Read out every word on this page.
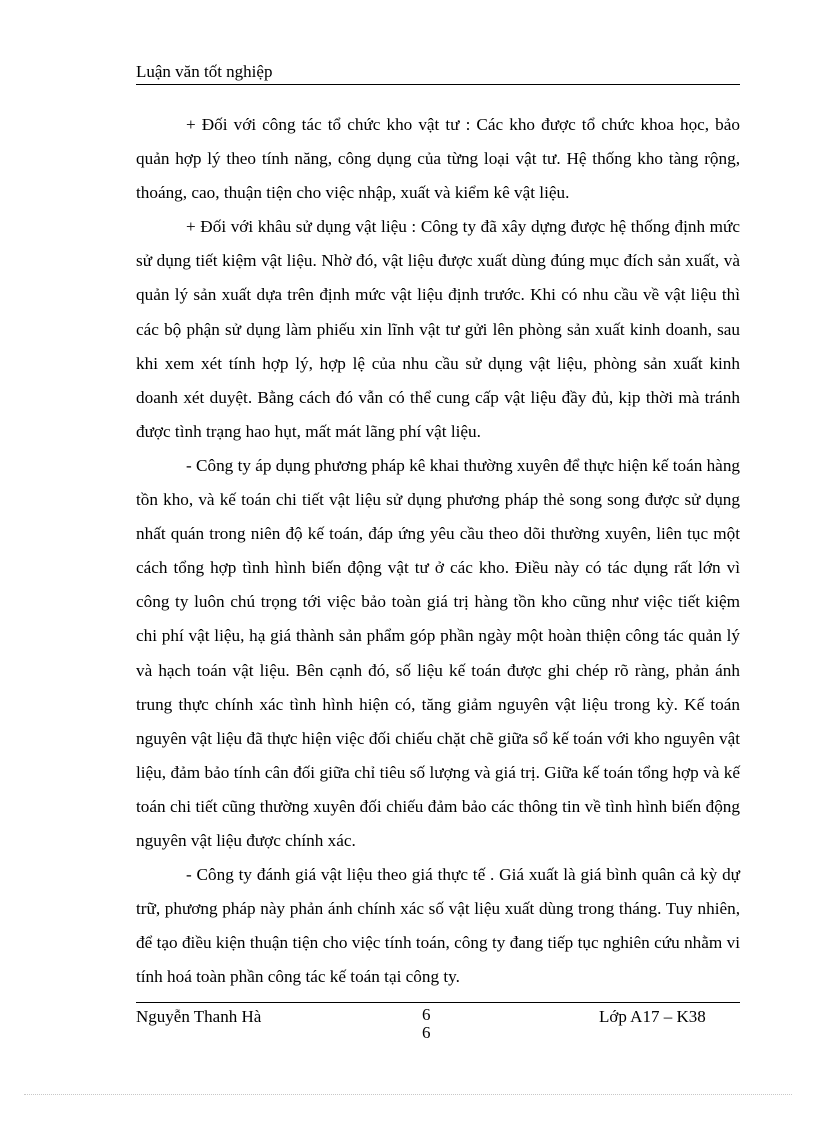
Luận văn tốt nghiệp

+ Đối với công tác tổ chức kho vật tư : Các kho được tổ chức khoa học, bảo quản hợp lý theo tính năng, công dụng của từng loại vật tư. Hệ thống kho tàng rộng, thoáng, cao, thuận tiện cho việc nhập, xuất và kiểm kê vật liệu.

+ Đối với khâu sử dụng vật liệu : Công ty đã xây dựng được hệ thống định mức sử dụng tiết kiệm vật liệu. Nhờ đó, vật liệu được xuất dùng đúng mục đích sản xuất, và quản lý sản xuất dựa trên định mức vật liệu định trước. Khi có nhu cầu về vật liệu thì các bộ phận sử dụng làm phiếu xin lĩnh vật tư gửi lên phòng sản xuất kinh doanh, sau khi xem xét tính hợp lý, hợp lệ của nhu cầu sử dụng vật liệu, phòng sản xuất kinh doanh xét duyệt. Bằng cách đó vẫn có thể cung cấp vật liệu đầy đủ, kịp thời mà tránh được tình trạng hao hụt, mất mát lãng phí vật liệu.

- Công ty áp dụng phương pháp kê khai thường xuyên để thực hiện kế toán hàng tồn kho, và kế toán chi tiết vật liệu sử dụng phương pháp thẻ song song được sử dụng nhất quán trong niên độ kế toán, đáp ứng yêu cầu theo dõi thường xuyên, liên tục một cách tổng hợp tình hình biến động vật tư ở các kho. Điều này có tác dụng rất lớn vì công ty luôn chú trọng tới việc bảo toàn giá trị hàng tồn kho cũng như việc tiết kiệm chi phí vật liệu, hạ giá thành sản phẩm góp phần ngày một hoàn thiện công tác quản lý và hạch toán vật liệu. Bên cạnh đó, số liệu kế toán được ghi chép rõ ràng, phản ánh trung thực chính xác tình hình hiện có, tăng giảm nguyên vật liệu trong kỳ. Kế toán nguyên vật liệu đã thực hiện việc đối chiếu chặt chẽ giữa sổ kế toán với kho nguyên vật liệu, đảm bảo tính cân đối giữa chỉ tiêu số lượng và giá trị. Giữa kế toán tổng hợp và kế toán chi tiết cũng thường xuyên đối chiếu đảm bảo các thông tin về tình hình biến động nguyên vật liệu được chính xác.

- Công ty đánh giá vật liệu theo giá thực tế . Giá xuất là giá bình quân cả kỳ dự trữ, phương pháp này phản ánh chính xác số vật liệu xuất dùng trong tháng. Tuy nhiên, để tạo điều kiện thuận tiện cho việc tính toán, công ty đang tiếp tục nghiên cứu nhằm vi tính hoá toàn phần công tác kế toán tại công ty.

Nguyễn Thanh Hà	6
6
Lớp A17 – K38
